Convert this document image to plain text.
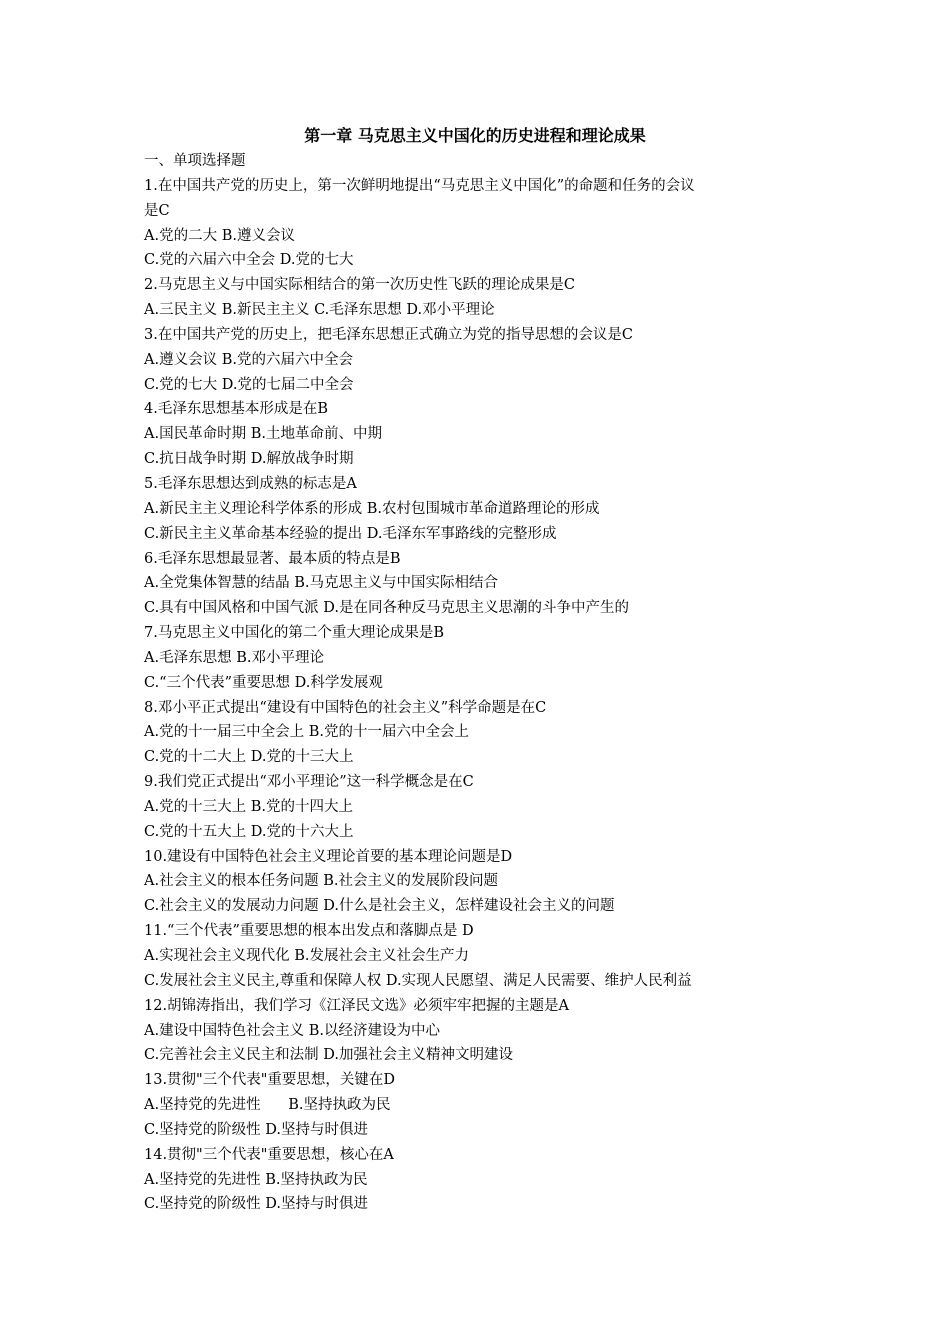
第一章 马克思主义中国化的历史进程和理论成果
一、单项选择题
1.在中国共产党的历史上，第一次鲜明地提出“马克思主义中国化”的命题和任务的会议
是C
A.党的二大 B.遵义会议
C.党的六届六中全会 D.党的七大
2.马克思主义与中国实际相结合的第一次历史性飞跃的理论成果是C
A.三民主义 B.新民主主义 C.毛泽东思想 D.邓小平理论
3.在中国共产党的历史上，把毛泽东思想正式确立为党的指导思想的会议是C
A.遵义会议 B.党的六届六中全会
C.党的七大 D.党的七届二中全会
4.毛泽东思想基本形成是在B
A.国民革命时期 B.土地革命前、中期
C.抗日战争时期 D.解放战争时期
5.毛泽东思想达到成熟的标志是A
A.新民主主义理论科学体系的形成 B.农村包围城市革命道路理论的形成
C.新民主主义革命基本经验的提出 D.毛泽东军事路线的完整形成
6.毛泽东思想最显著、最本质的特点是B
A.全党集体智慧的结晶 B.马克思主义与中国实际相结合
C.具有中国风格和中国气派 D.是在同各种反马克思主义思潮的斗争中产生的
7.马克思主义中国化的第二个重大理论成果是B
A.毛泽东思想 B.邓小平理论
C.“三个代表”重要思想 D.科学发展观
8.邓小平正式提出“建设有中国特色的社会主义”科学命题是在C
A.党的十一届三中全会上 B.党的十一届六中全会上
C.党的十二大上 D.党的十三大上
9.我们党正式提出“邓小平理论”这一科学概念是在C
A.党的十三大上 B.党的十四大上
C.党的十五大上 D.党的十六大上
10.建设有中国特色社会主义理论首要的基本理论问题是D
A.社会主义的根本任务问题 B.社会主义的发展阶段问题
C.社会主义的发展动力问题 D.什么是社会主义，怎样建设社会主义的问题
11.“三个代表”重要思想的根本出发点和落脚点是 D
A.实现社会主义现代化 B.发展社会主义社会生产力
C.发展社会主义民主,尊重和保障人权 D.实现人民愿望、满足人民需要、维护人民利益
12.胡锦涛指出，我们学习《江泽民文选》必须牢牢把握的主题是A
A.建设中国特色社会主义 B.以经济建设为中心
C.完善社会主义民主和法制 D.加强社会主义精神文明建设
13.贯彻"三个代表"重要思想，关键在D
A.坚持党的先进性      B.坚持执政为民
C.坚持党的阶级性 D.坚持与时俱进
14.贯彻"三个代表"重要思想，核心在A
A.坚持党的先进性 B.坚持执政为民
C.坚持党的阶级性 D.坚持与时俱进
